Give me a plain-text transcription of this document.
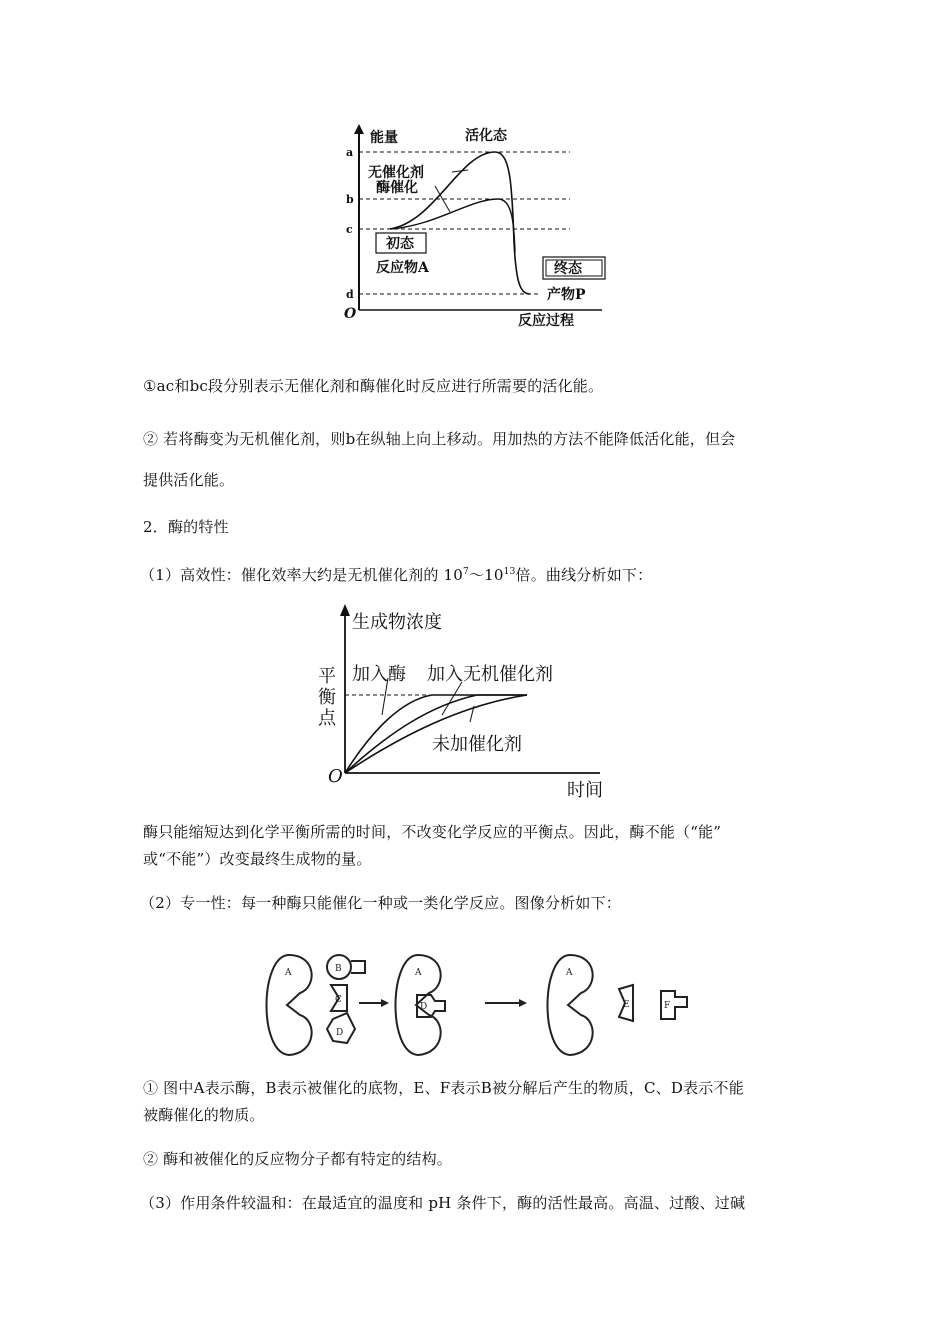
能量	活化态
a
b
c
d
无催化剂
酶催化
初态
反应物A	终态
产物P
O	反应过程
①ac和bc段分别表示无催化剂和酶催化时反应进行所需要的活化能。
② 若将酶变为无机催化剂，则b在纵轴上向上移动。用加热的方法不能降低活化能，但会
提供活化能。
2．酶的特性
（1）高效性：催化效率大约是无机催化剂的 $10^7\sim 10^{13}$倍。曲线分析如下：
生成物浓度
平
衡
点
加入酶 加入无机催化剂
未加催化剂
O
时间
酶只能缩短达到化学平衡所需的时间，不改变化学反应的平衡点。因此，酶不能（“能”
或“不能”）改变最终生成物的量。
（2）专一性：每一种酶只能催化一种或一类化学反应。图像分析如下：
A	B
C
D
A
D
A
E	F
① 图中A表示酶，B表示被催化的底物，E、F表示B被分解后产生的物质，C、D表示不能
被酶催化的物质。
② 酶和被催化的反应物分子都有特定的结构。
（3）作用条件较温和：在最适宜的温度和 pH 条件下，酶的活性最高。高温、过酸、过碱
